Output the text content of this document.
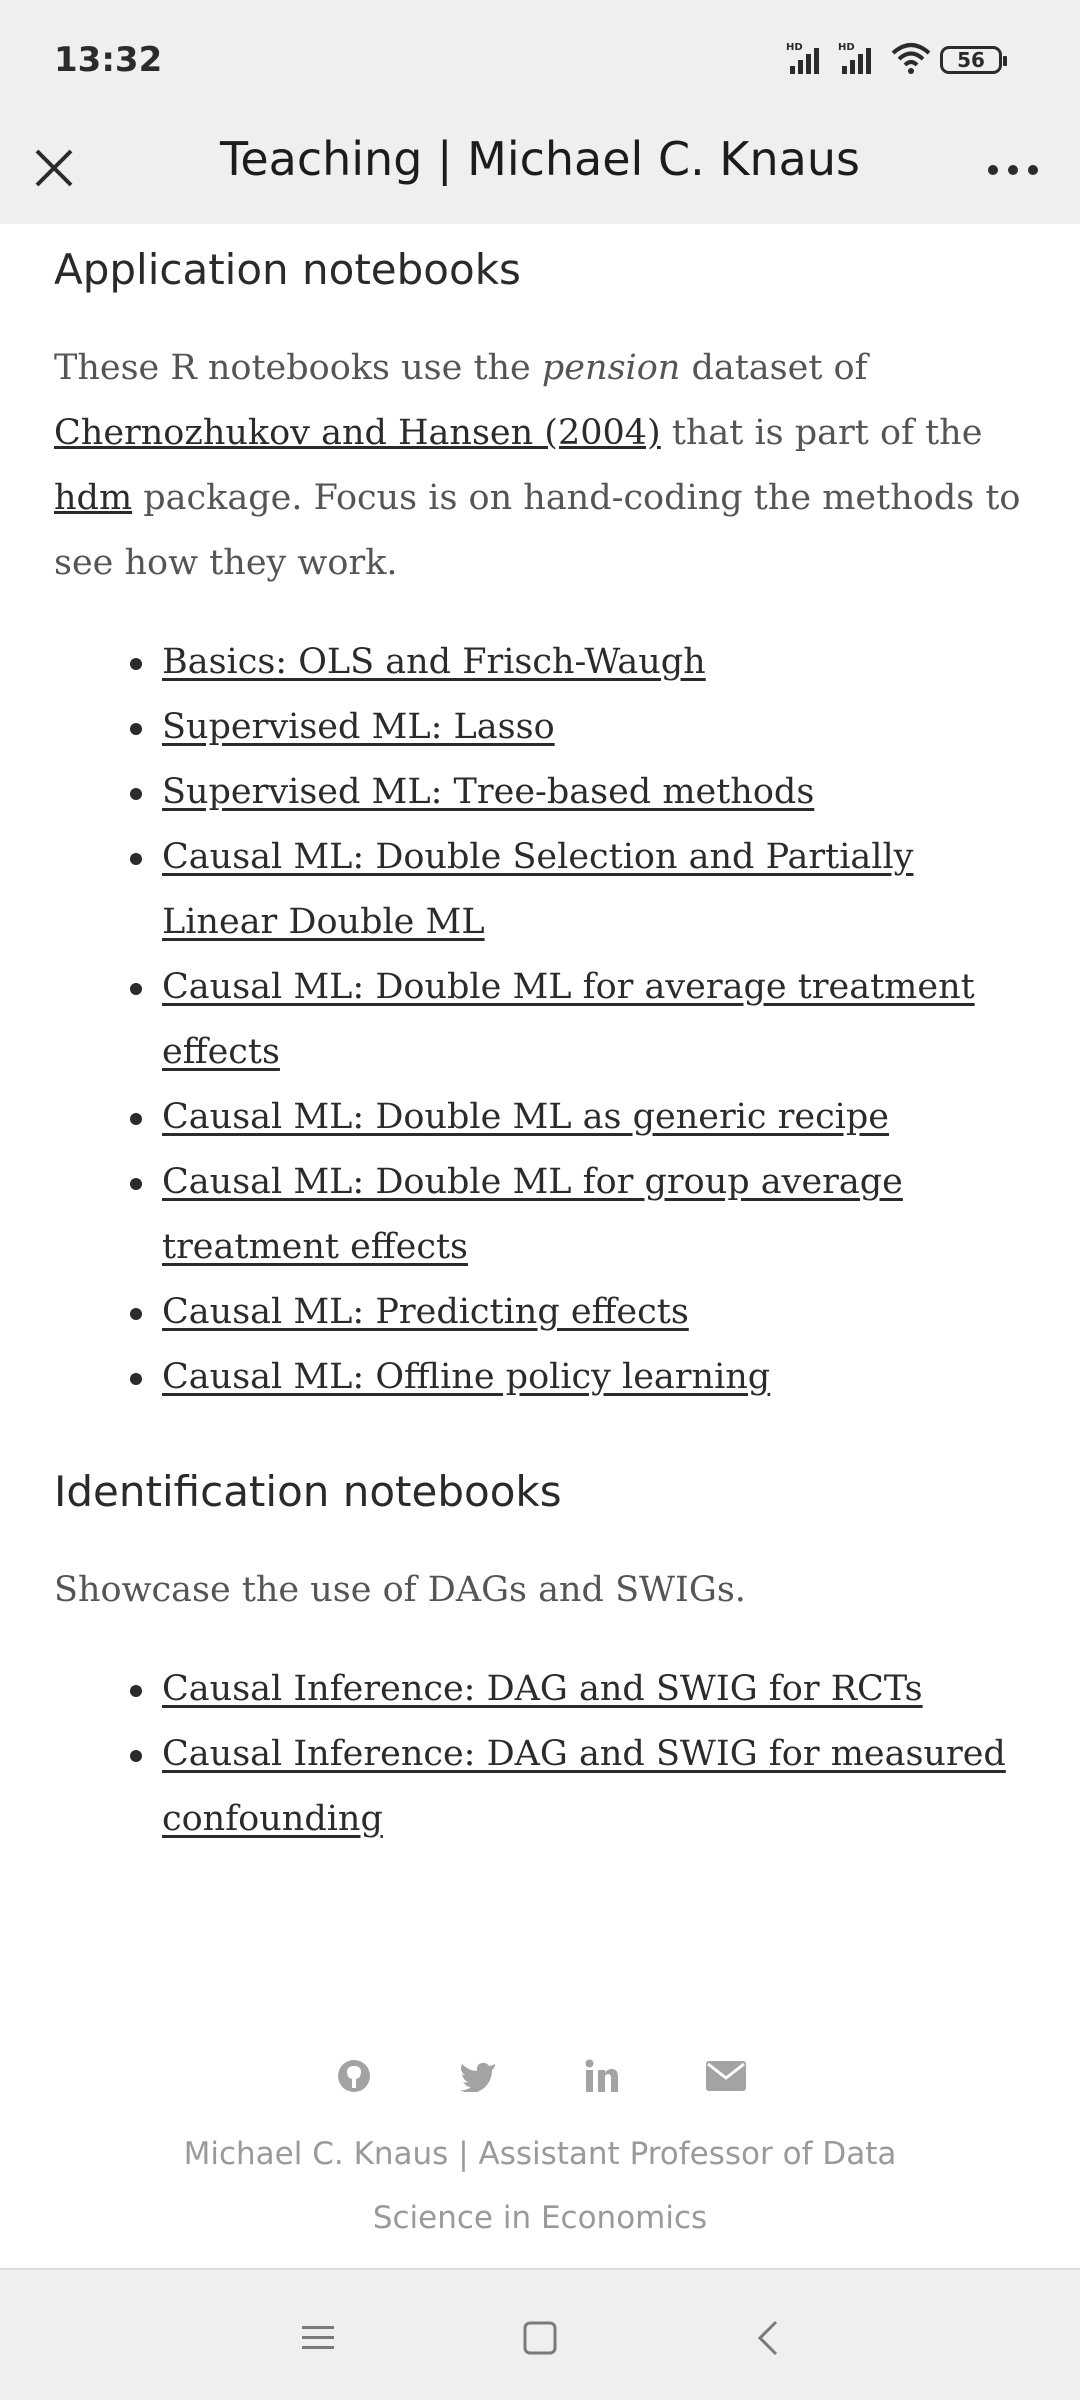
13:32	HD	HD
56
Teaching | Michael C. Knaus
Application notebooks

These R notebooks use the pension dataset of Chernozhukov and Hansen (2004) that is part of the hdm package. Focus is on hand-coding the methods to see how they work.

Basics: OLS and Frisch-Waugh
Supervised ML: Lasso
Supervised ML: Tree-based methods
Causal ML: Double Selection and Partially Linear Double ML
Causal ML: Double ML for average treatment effects
Causal ML: Double ML as generic recipe
Causal ML: Double ML for group average treatment effects
Causal ML: Predicting effects
Causal ML: Offline policy learning
Identification notebooks

Showcase the use of DAGs and SWIGs.

Causal Inference: DAG and SWIG for RCTs
Causal Inference: DAG and SWIG for measured confounding
Michael C. Knaus | Assistant Professor of Data Science in Economics
